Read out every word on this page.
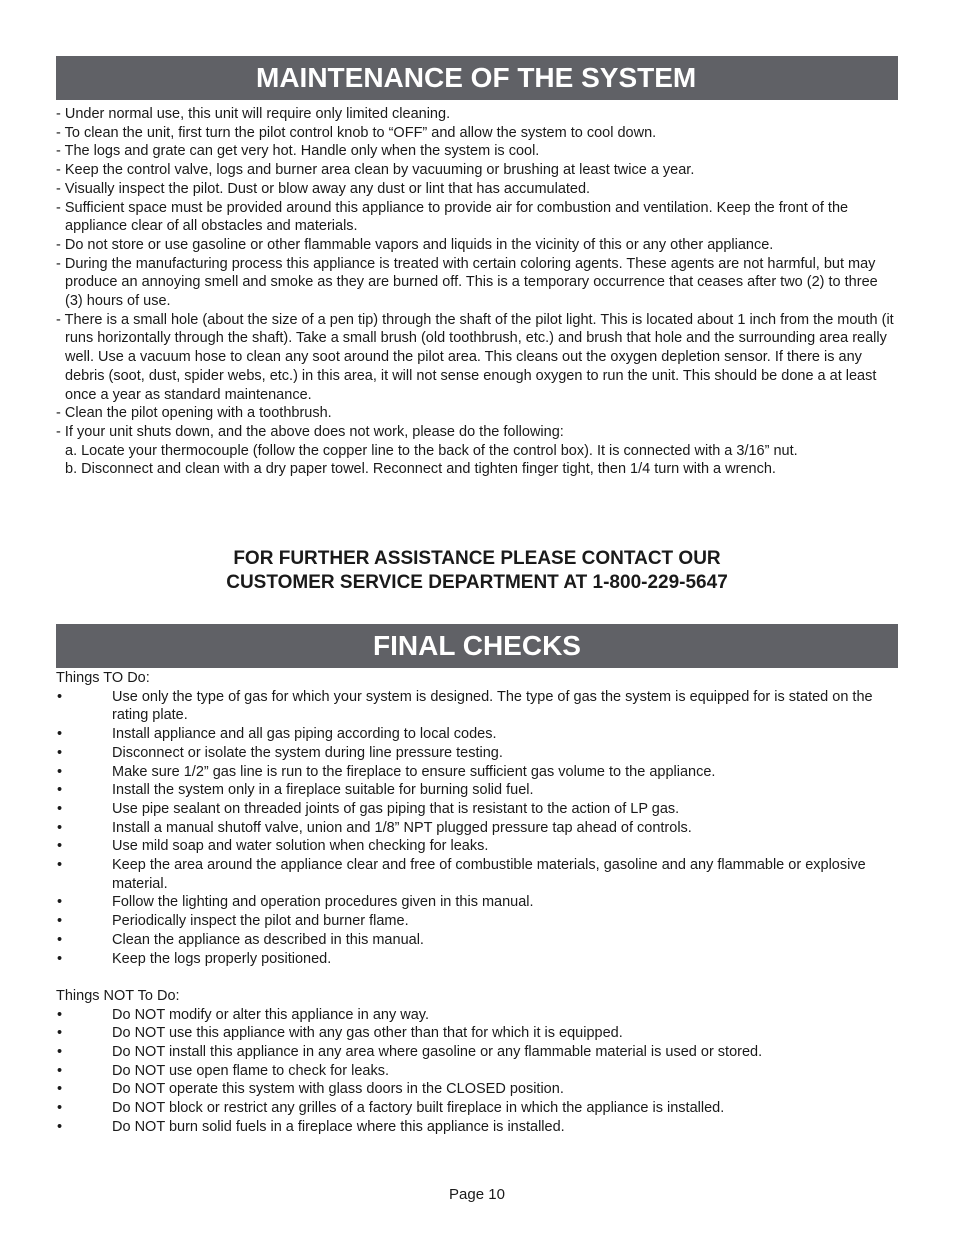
MAINTENANCE OF THE SYSTEM
- Under normal use, this unit will require only limited cleaning.
- To clean the unit, first turn the pilot control knob to “OFF” and allow the system to cool down.
- The logs and grate can get very hot. Handle only when the system is cool.
- Keep the control valve, logs and burner area clean by vacuuming or brushing at least twice a year.
- Visually inspect the pilot. Dust or blow away any dust or lint that has accumulated.
- Sufficient space must be provided around this appliance to provide air for combustion and ventilation. Keep the front of the appliance clear of all obstacles and materials.
- Do not store or use gasoline or other flammable vapors and liquids in the vicinity of this or any other appliance.
- During the manufacturing process this appliance is treated with certain coloring agents. These agents are not harmful, but may produce an annoying smell and smoke as they are burned off. This is a temporary occurrence that ceases after two (2) to three (3) hours of use.
- There is a small hole (about the size of a pen tip) through the shaft of the pilot light. This is located about 1 inch from the mouth (it runs horizontally through the shaft). Take a small brush (old toothbrush, etc.) and brush that hole and the surrounding area really well. Use a vacuum hose to clean any soot around the pilot area. This cleans out the oxygen depletion sensor. If there is any debris (soot, dust, spider webs, etc.) in this area, it will not sense enough oxygen to run the unit. This should be done a at least once a year as standard maintenance.
- Clean the pilot opening with a toothbrush.
- If your unit shuts down, and the above does not work, please do the following:
a. Locate your thermocouple (follow the copper line to the back of the control box). It is connected with a 3/16” nut.
b. Disconnect and clean with a dry paper towel. Reconnect and tighten finger tight, then 1/4 turn with a wrench.
FOR FURTHER ASSISTANCE PLEASE CONTACT OUR
CUSTOMER SERVICE DEPARTMENT AT 1-800-229-5647
FINAL CHECKS
Things TO Do:
•	Use only the type of gas for which your system is designed. The type of gas the system is equipped for is stated on the rating plate.
•	Install appliance and all gas piping according to local codes.
•	Disconnect or isolate the system during line pressure testing.
•	Make sure 1/2” gas line is run to the fireplace to ensure sufficient gas volume to the appliance.
•	Install the system only in a fireplace suitable for burning solid fuel.
•	Use pipe sealant on threaded joints of gas piping that is resistant to the action of LP gas.
•	Install a manual shutoff valve, union and 1/8” NPT plugged pressure tap ahead of controls.
•	Use mild soap and water solution when checking for leaks.
•	Keep the area around the appliance clear and free of combustible materials, gasoline and any flammable or explosive material.
•	Follow the lighting and operation procedures given in this manual.
•	Periodically inspect the pilot and burner flame.
•	Clean the appliance as described in this manual.
•	Keep the logs properly positioned.
Things NOT To Do:
•	Do NOT modify or alter this appliance in any way.
•	Do NOT use this appliance with any gas other than that for which it is equipped.
•	Do NOT install this appliance in any area where gasoline or any flammable material is used or stored.
•	Do NOT use open flame to check for leaks.
•	Do NOT operate this system with glass doors in the CLOSED position.
•	Do NOT block or restrict any grilles of a factory built fireplace in which the appliance is installed.
•	Do NOT burn solid fuels in a fireplace where this appliance is installed.
Page 10
